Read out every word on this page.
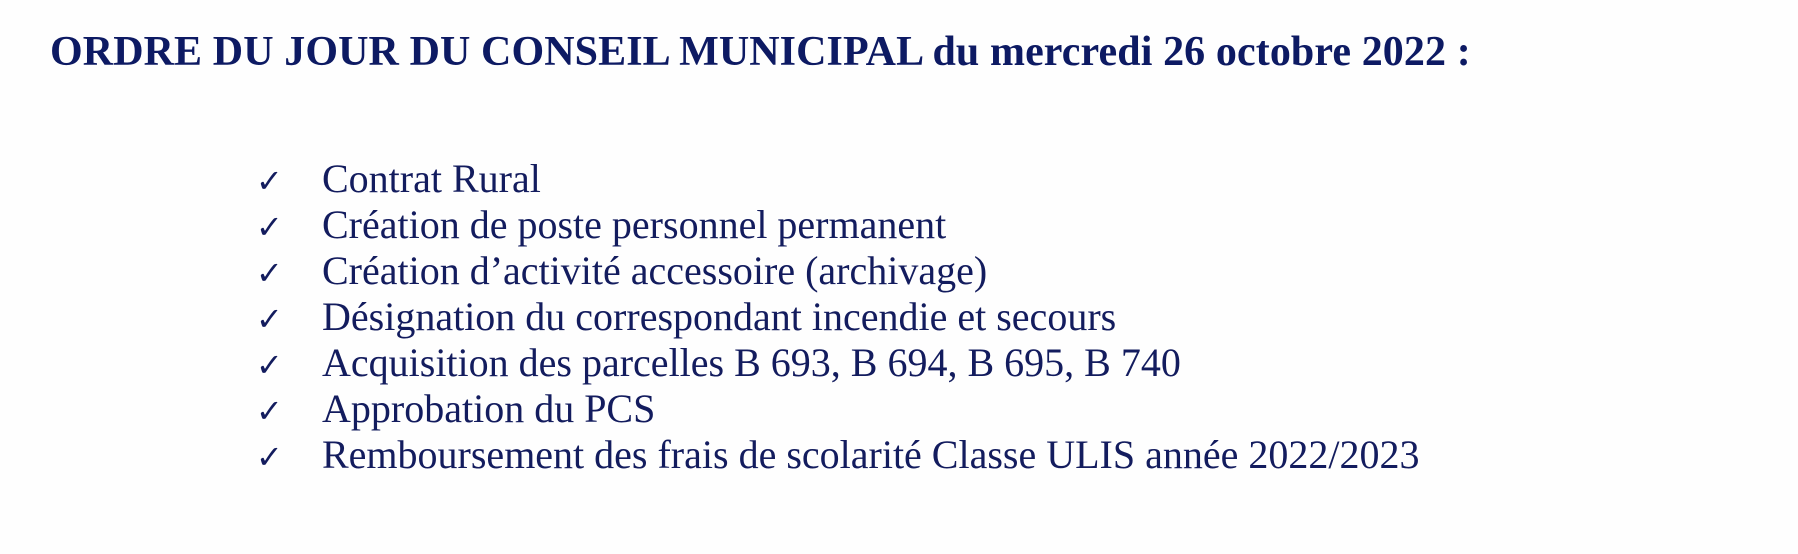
ORDRE DU JOUR DU CONSEIL MUNICIPAL du mercredi 26 octobre 2022 :
✓ Contrat Rural
✓ Création de poste personnel permanent
✓ Création d’activité accessoire (archivage)
✓ Désignation du correspondant incendie et secours
✓ Acquisition des parcelles B 693, B 694, B 695, B 740
✓ Approbation du PCS
✓ Remboursement des frais de scolarité Classe ULIS année 2022/2023
